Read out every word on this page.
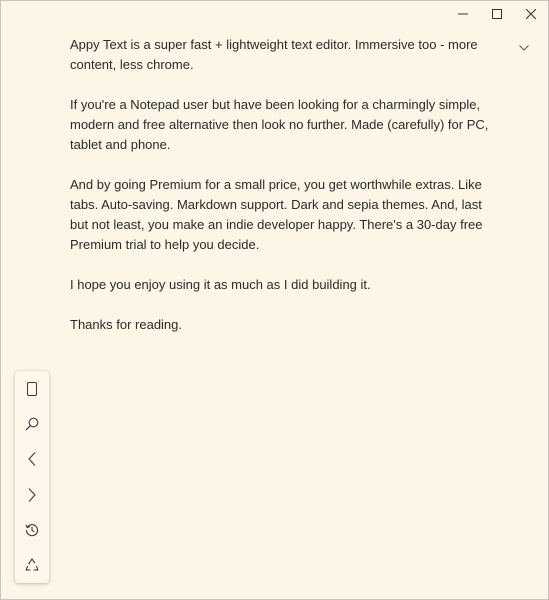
Appy Text is a super fast + lightweight text editor. Immersive too - more content, less chrome.

If you're a Notepad user but have been looking for a charmingly simple, modern and free alternative then look no further. Made (carefully) for PC, tablet and phone.

And by going Premium for a small price, you get worthwhile extras. Like tabs. Auto-saving. Markdown support. Dark and sepia themes. And, last but not least, you make an indie developer happy. There's a 30-day free Premium trial to help you decide.

I hope you enjoy using it as much as I did building it.

Thanks for reading.
